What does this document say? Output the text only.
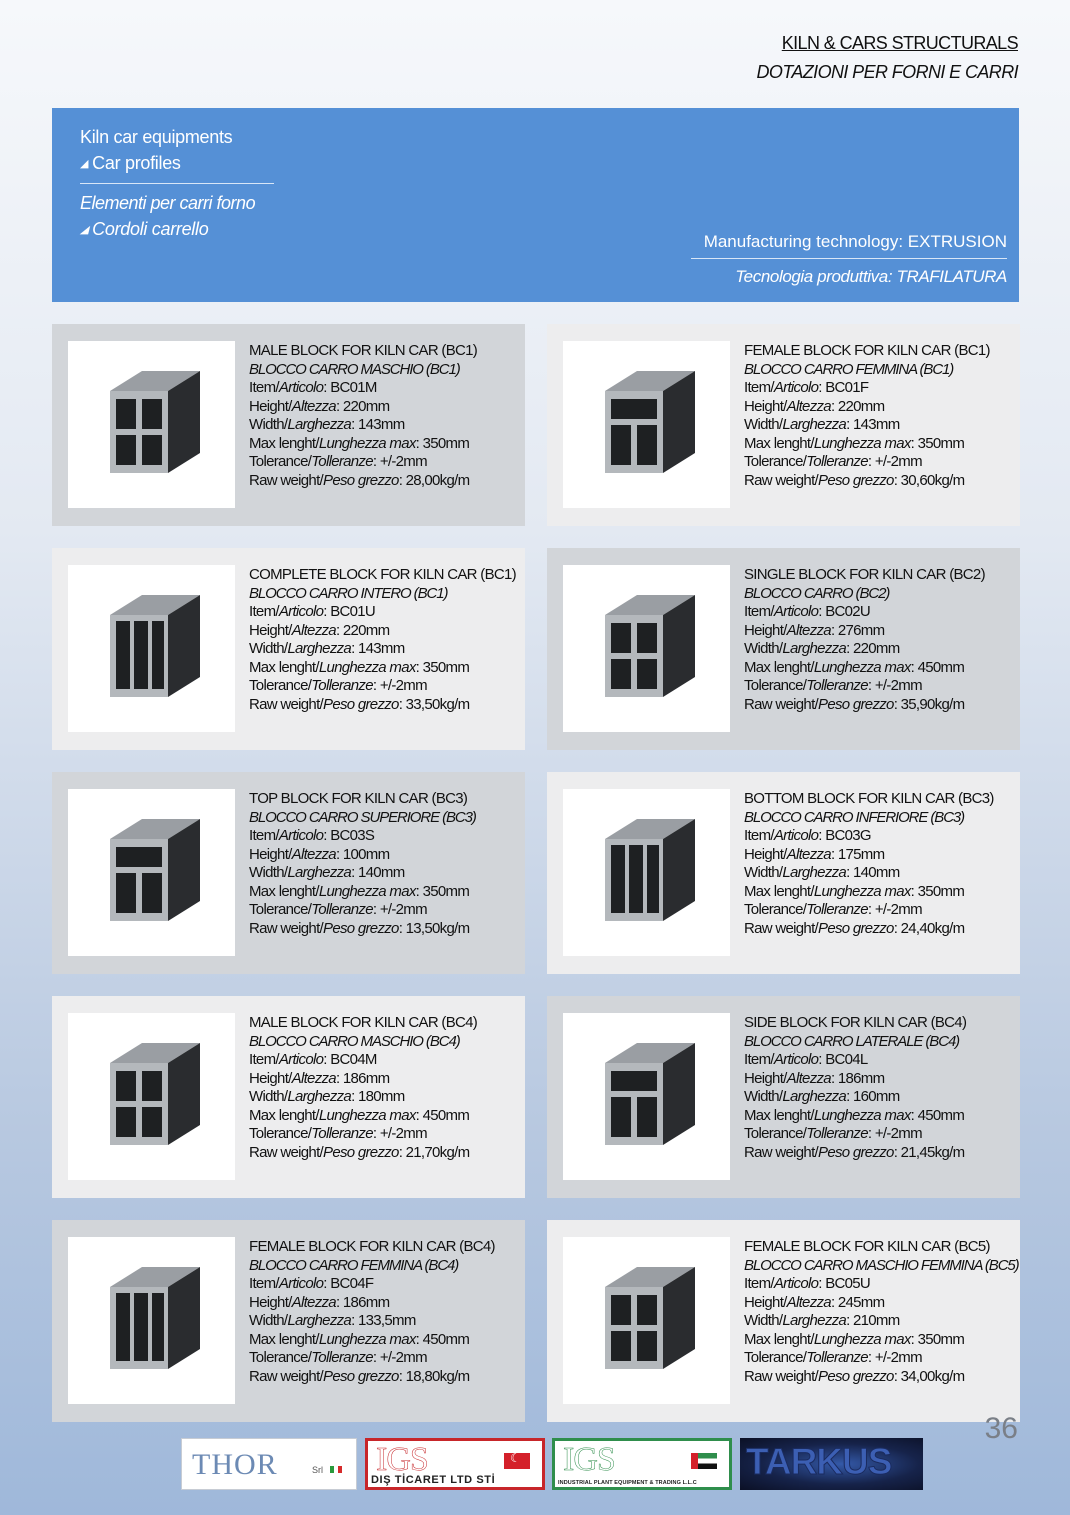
KILN & CARS STRUCTURALS
DOTAZIONI PER FORNI E CARRI
Kiln car equipments
◢ Car profiles
Elementi per carri forno
◢ Cordoli carrello
Manufacturing technology: EXTRUSION
Tecnologia produttiva: TRAFILATURA
MALE BLOCK FOR KILN CAR (BC1)
BLOCCO CARRO MASCHIO (BC1)
Item/Articolo: BC01M
Height/Altezza: 220mm
Width/Larghezza: 143mm
Max lenght/Lunghezza max: 350mm
Tolerance/Tolleranze: +/-2mm
Raw weight/Peso grezzo: 28,00kg/m
FEMALE BLOCK FOR KILN CAR (BC1)
BLOCCO CARRO FEMMINA (BC1)
Item/Articolo: BC01F
Height/Altezza: 220mm
Width/Larghezza: 143mm
Max lenght/Lunghezza max: 350mm
Tolerance/Tolleranze: +/-2mm
Raw weight/Peso grezzo: 30,60kg/m
COMPLETE BLOCK FOR KILN CAR (BC1)
BLOCCO CARRO INTERO (BC1)
Item/Articolo: BC01U
Height/Altezza: 220mm
Width/Larghezza: 143mm
Max lenght/Lunghezza max: 350mm
Tolerance/Tolleranze: +/-2mm
Raw weight/Peso grezzo: 33,50kg/m
SINGLE BLOCK FOR KILN CAR (BC2)
BLOCCO CARRO (BC2)
Item/Articolo: BC02U
Height/Altezza: 276mm
Width/Larghezza: 220mm
Max lenght/Lunghezza max: 450mm
Tolerance/Tolleranze: +/-2mm
Raw weight/Peso grezzo: 35,90kg/m
TOP BLOCK FOR KILN CAR (BC3)
BLOCCO CARRO SUPERIORE (BC3)
Item/Articolo: BC03S
Height/Altezza: 100mm
Width/Larghezza: 140mm
Max lenght/Lunghezza max: 350mm
Tolerance/Tolleranze: +/-2mm
Raw weight/Peso grezzo: 13,50kg/m
BOTTOM BLOCK FOR KILN CAR (BC3)
BLOCCO CARRO INFERIORE (BC3)
Item/Articolo: BC03G
Height/Altezza: 175mm
Width/Larghezza: 140mm
Max lenght/Lunghezza max: 350mm
Tolerance/Tolleranze: +/-2mm
Raw weight/Peso grezzo: 24,40kg/m
MALE BLOCK FOR KILN CAR (BC4)
BLOCCO CARRO MASCHIO (BC4)
Item/Articolo: BC04M
Height/Altezza: 186mm
Width/Larghezza: 180mm
Max lenght/Lunghezza max: 450mm
Tolerance/Tolleranze: +/-2mm
Raw weight/Peso grezzo: 21,70kg/m
SIDE BLOCK FOR KILN CAR (BC4)
BLOCCO CARRO LATERALE (BC4)
Item/Articolo: BC04L
Height/Altezza: 186mm
Width/Larghezza: 160mm
Max lenght/Lunghezza max: 450mm
Tolerance/Tolleranze: +/-2mm
Raw weight/Peso grezzo: 21,45kg/m
FEMALE BLOCK FOR KILN CAR (BC4)
BLOCCO CARRO FEMMINA (BC4)
Item/Articolo: BC04F
Height/Altezza: 186mm
Width/Larghezza: 133,5mm
Max lenght/Lunghezza max: 450mm
Tolerance/Tolleranze: +/-2mm
Raw weight/Peso grezzo: 18,80kg/m
FEMALE BLOCK FOR KILN CAR (BC5)
BLOCCO CARRO MASCHIO FEMMINA (BC5)
Item/Articolo: BC05U
Height/Altezza: 245mm
Width/Larghezza: 210mm
Max lenght/Lunghezza max: 350mm
Tolerance/Tolleranze: +/-2mm
Raw weight/Peso grezzo: 34,00kg/m
36
THOR	Srl IGS
☾
DIŞ TİCARET LTD STİ
IGS
INDUSTRIAL PLANT EQUIPMENT & TRADING L.L.C
TARKUS
